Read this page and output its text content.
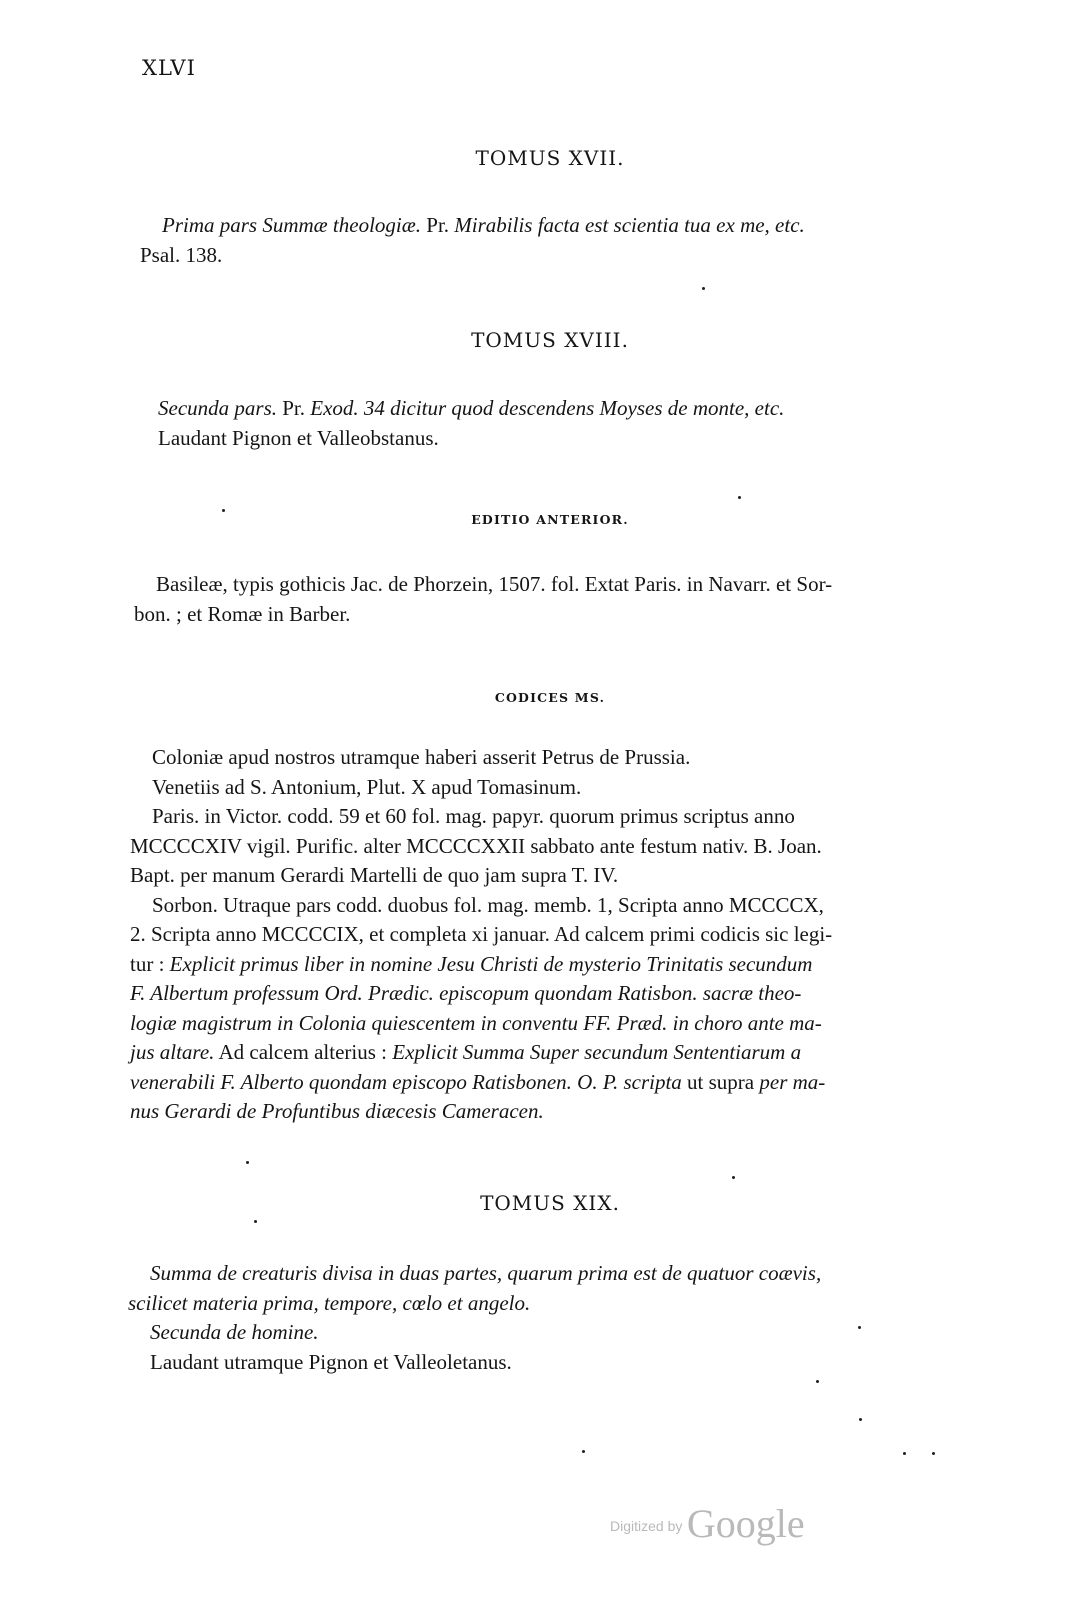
XLVI
TOMUS XVII.
Prima pars Summæ theologiæ. Pr. Mirabilis facta est scientia tua ex me, etc.
Psal. 138.
TOMUS XVIII.
Secunda pars. Pr. Exod. 34 dicitur quod descendens Moyses de monte, etc.
Laudant Pignon et Valleobstanus.
EDITIO ANTERIOR.
Basileæ, typis gothicis Jac. de Phorzein, 1507. fol. Extat Paris. in Navarr. et Sor-
bon. ; et Romæ in Barber.
CODICES MS.
Coloniæ apud nostros utramque haberi asserit Petrus de Prussia.
Venetiis ad S. Antonium, Plut. X apud Tomasinum.
Paris. in Victor. codd. 59 et 60 fol. mag. papyr. quorum primus scriptus anno
MCCCCXIV vigil. Purific. alter MCCCCXXII sabbato ante festum nativ. B. Joan.
Bapt. per manum Gerardi Martelli de quo jam supra T. IV.
Sorbon. Utraque pars codd. duobus fol. mag. memb. 1, Scripta anno MCCCCX,
2. Scripta anno MCCCCIX, et completa xi januar. Ad calcem primi codicis sic legi-
tur : Explicit primus liber in nomine Jesu Christi de mysterio Trinitatis secundum
F. Albertum professum Ord. Prædic. episcopum quondam Ratisbon. sacræ theo-
logiæ magistrum in Colonia quiescentem in conventu FF. Præd. in choro ante ma-
jus altare. Ad calcem alterius : Explicit Summa Super secundum Sententiarum a
venerabili F. Alberto quondam episcopo Ratisbonen. O. P. scripta ut supra per ma-
nus Gerardi de Profuntibus diæcesis Cameracen.
TOMUS XIX.
Summa de creaturis divisa in duas partes, quarum prima est de quatuor coævis,
scilicet materia prima, tempore, cœlo et angelo.
Secunda de homine.
Laudant utramque Pignon et Valleoletanus.
Digitized by Google
